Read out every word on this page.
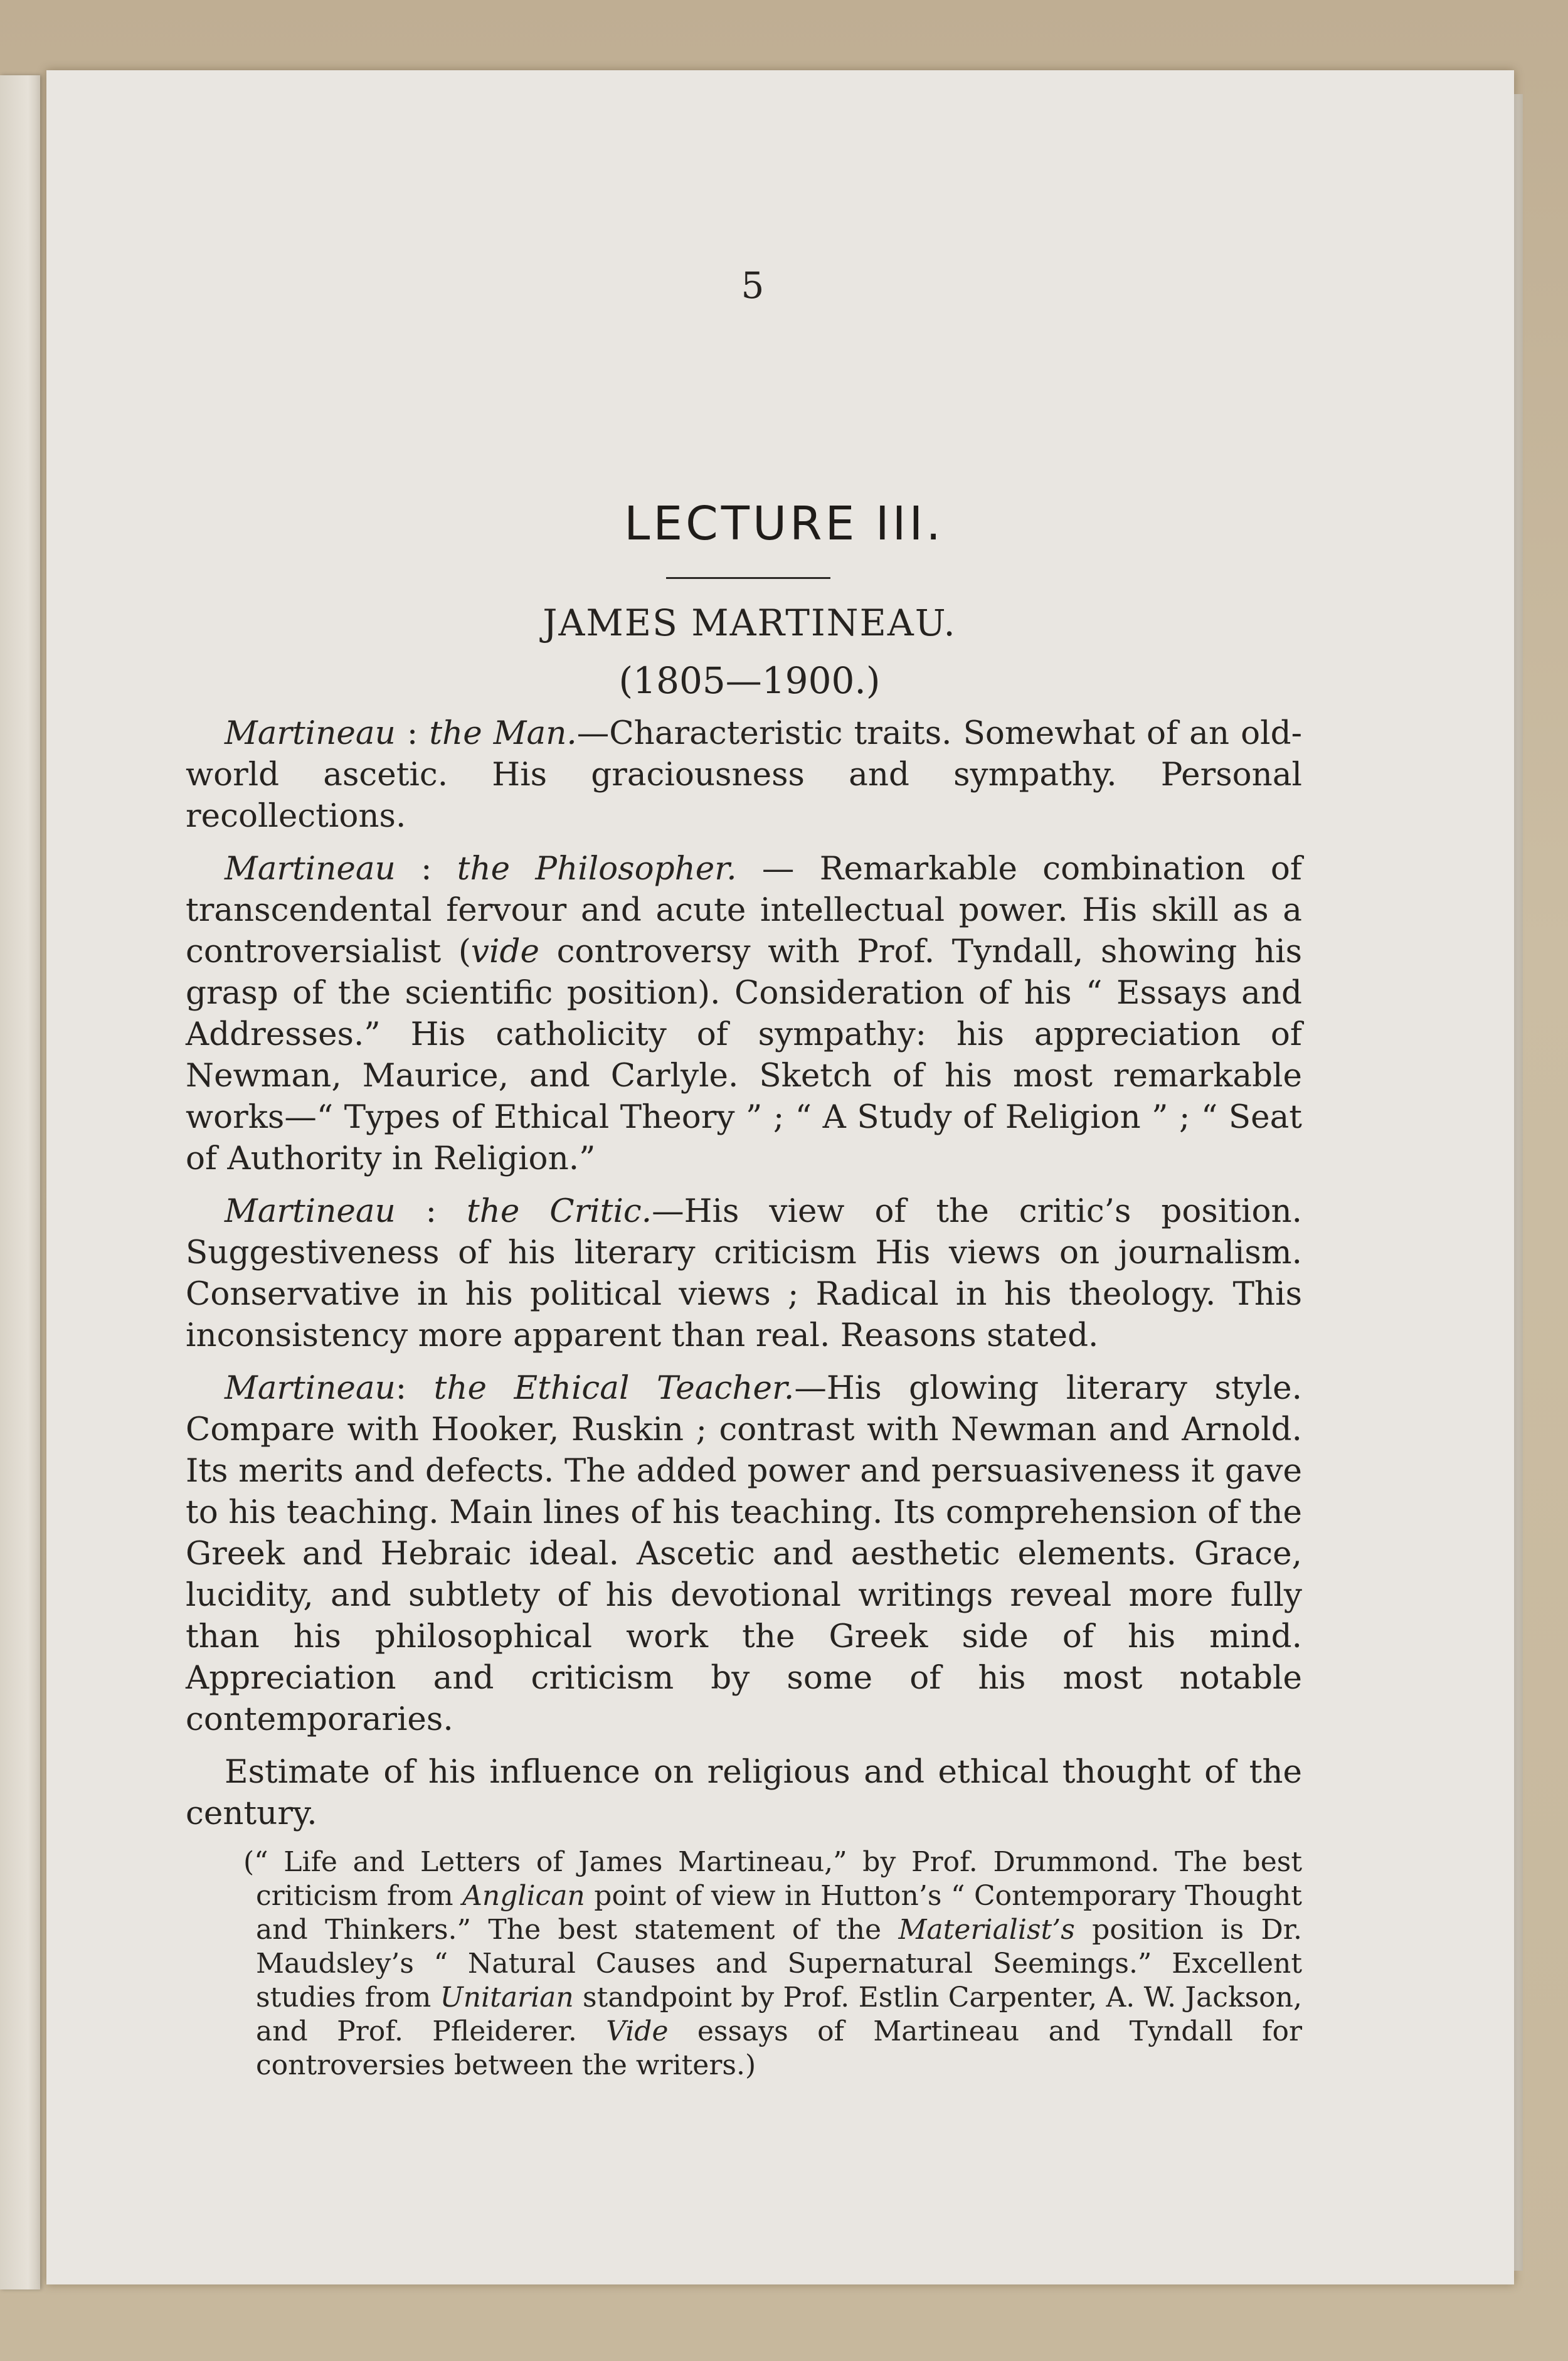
5
LECTURE III.
JAMES MARTINEAU.
(1805—1900.)

Martineau : the Man.—Characteristic traits. Somewhat of an old-world ascetic. His graciousness and sympathy. Personal recollections.

Martineau : the Philosopher. — Remarkable combination of transcendental fervour and acute intellectual power. His skill as a controversialist (vide controversy with Prof. Tyndall, showing his grasp of the scientific position). Consideration of his “ Essays and Addresses.” His catholicity of sympathy: his appreciation of Newman, Maurice, and Carlyle. Sketch of his most remarkable works—“ Types of Ethical Theory ” ; “ A Study of Religion ” ; “ Seat of Authority in Religion.”

Martineau : the Critic.—His view of the critic’s position. Suggestiveness of his literary criticism His views on journalism. Conservative in his political views ; Radical in his theology. This inconsistency more apparent than real. Reasons stated.

Martineau: the Ethical Teacher.—His glowing literary style. Compare with Hooker, Ruskin ; contrast with Newman and Arnold. Its merits and defects. The added power and persuasiveness it gave to his teaching. Main lines of his teaching. Its comprehension of the Greek and Hebraic ideal. Ascetic and aesthetic elements. Grace, lucidity, and subtlety of his devotional writings reveal more fully than his philosophical work the Greek side of his mind. Appreciation and criticism by some of his most notable contemporaries.

Estimate of his influence on religious and ethical thought of the century.

(“ Life and Letters of James Martineau,” by Prof. Drummond. The best criticism from Anglican point of view in Hutton’s “ Contemporary Thought and Thinkers.” The best statement of the Materialist’s position is Dr. Maudsley’s “ Natural Causes and Supernatural Seemings.” Excellent studies from Unitarian standpoint by Prof. Estlin Carpenter, A. W. Jackson, and Prof. Pfleiderer. Vide essays of Martineau and Tyndall for controversies between the writers.)
